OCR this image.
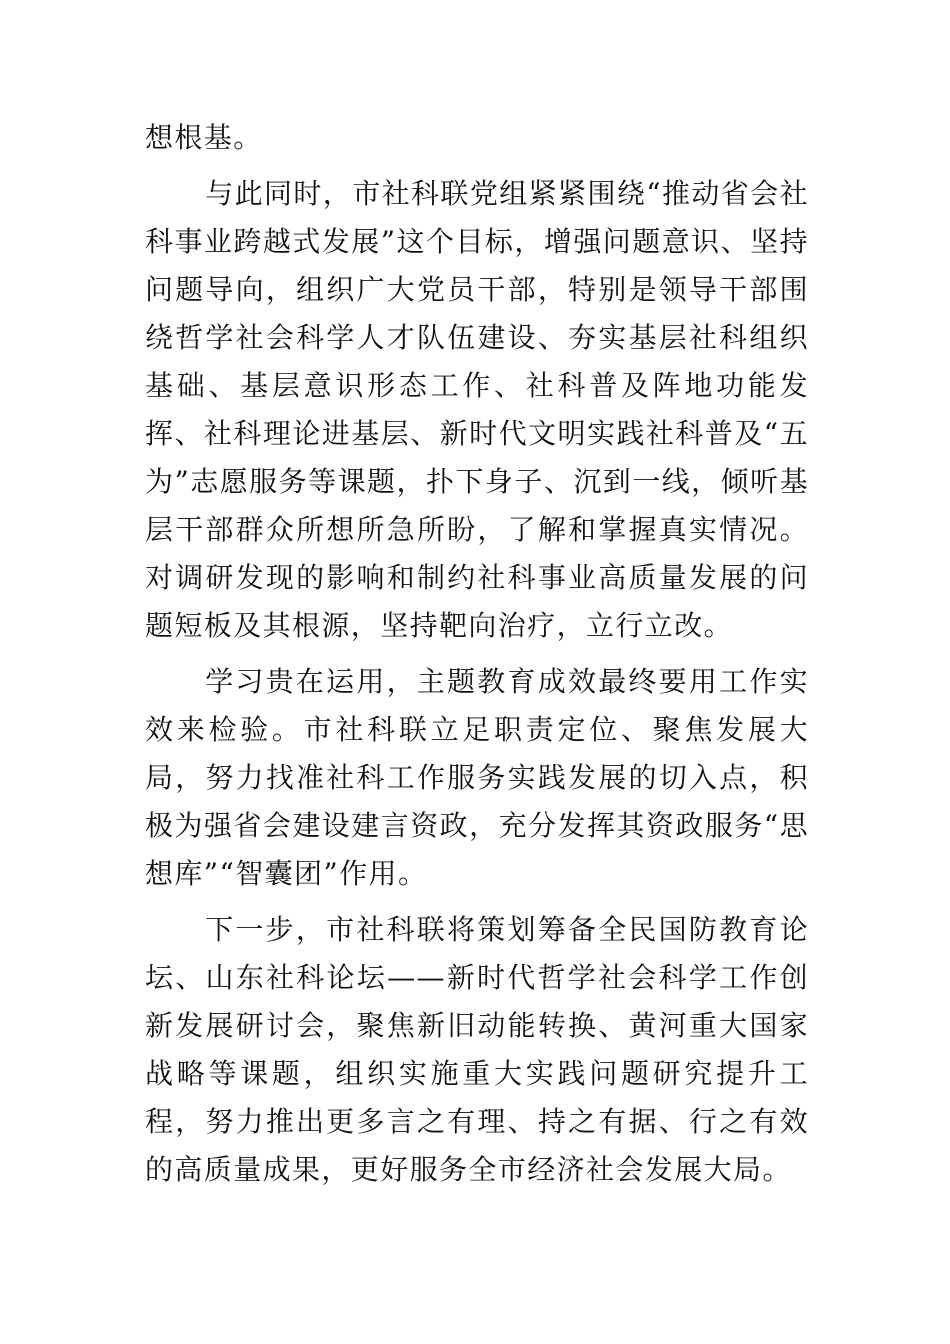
想根基。

与此同时，市社科联党组紧紧围绕“推动省会社科事业跨越式发展”这个目标，增强问题意识、坚持问题导向，组织广大党员干部，特别是领导干部围绕哲学社会科学人才队伍建设、夯实基层社科组织基础、基层意识形态工作、社科普及阵地功能发挥、社科理论进基层、新时代文明实践社科普及“五为”志愿服务等课题，扑下身子、沉到一线，倾听基层干部群众所想所急所盼，了解和掌握真实情况。对调研发现的影响和制约社科事业高质量发展的问题短板及其根源，坚持靶向治疗，立行立改。

学习贵在运用，主题教育成效最终要用工作实效来检验。市社科联立足职责定位、聚焦发展大局，努力找准社科工作服务实践发展的切入点，积极为强省会建设建言资政，充分发挥其资政服务“思想库”“智囊团”作用。

下一步，市社科联将策划筹备全民国防教育论坛、山东社科论坛——新时代哲学社会科学工作创新发展研讨会，聚焦新旧动能转换、黄河重大国家战略等课题，组织实施重大实践问题研究提升工程，努力推出更多言之有理、持之有据、行之有效的高质量成果，更好服务全市经济社会发展大局。
